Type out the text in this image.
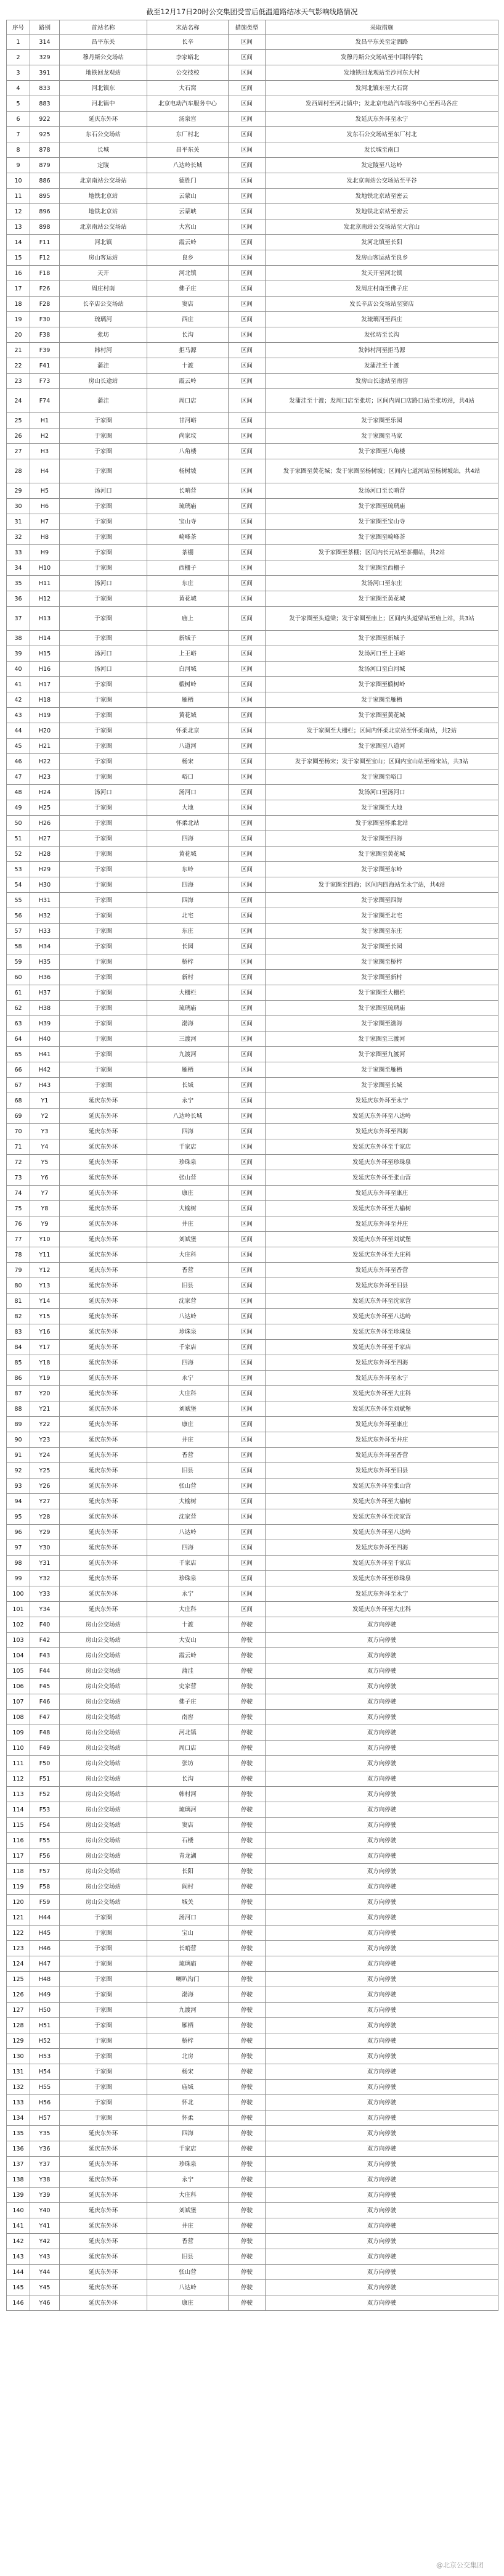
截至12月17日20时公交集团受雪后低温道路结冰天气影响线路情况
序号	路别	首站名称	末站名称	措施类型	采取措施
1	314	昌平东关	长辛	区间	发昌平东关至定泗路
2	329	穆丹斯公交场站	李家峪北	区间	发穆丹斯公交场站至中国科学院
3	391	地铁回龙观站	公交技校	区间	发地铁回龙观站至沙河东大村
4	833	河北镇东	大石窝	区间	发河北镇东至大石窝
5	883	河北镇中	北京电动汽车服务中心	区间	发西周村至河北镇中；发北京电动汽车服务中心至西马各庄
6	922	延庆东外环	汤泉宫	区间	发延庆东外环至永宁
7	925	东石公交场站	东厂村北	区间	发东石公交场站至东厂村北
8	878	长城	昌平东关	区间	发长城至南口
9	879	定陵	八达岭长城	区间	发定陵至八达岭
10	886	北京南站公交场站	德胜门	区间	发北京南站公交场站至平谷
11	895	地铁北京站	云蒙山	区间	发地铁北京站至密云
12	896	地铁北京站	云蒙峡	区间	发地铁北京站至密云
13	898	北京南站公交场站	大宫山	区间	发北京南站公交场站至大宫山
14	F11	河北镇	霞云岭	区间	发河北镇至长阳
15	F12	房山客运站	良乡	区间	发房山客运站至良乡
16	F18	天开	河北镇	区间	发天开至河北镇
17	F26	周庄村南	佛子庄	区间	发周庄村南至佛子庄
18	F28	长辛店公交场站	窦店	区间	发长辛店公交场站至窦店
19	F30	琉璃河	西庄	区间	发琉璃河至西庄
20	F38	张坊	长沟	区间	发张坊至长沟
21	F39	韩村河	拒马源	区间	发韩村河至拒马源
22	F41	蒲洼	十渡	区间	发蒲洼至十渡
23	F73	房山长途站	霞云岭	区间	发房山长途站至南窖
24	F74	蒲洼	周口店	区间	发蒲洼至十渡；发周口店至张坊；区间内周口店路口站至张坊站，共4站
25	H1	于家圈	甘河峪	区间	发于家圈至乐园
26	H2	于家圈	尚家坟	区间	发于家圈至马家
27	H3	于家圈	八角楼	区间	发于家圈至八角楼
28	H4	于家圈	杨树坡	区间	发于家圈至黄花城；发于家圈至杨树坡；区间内七道河站至杨树坡站，共4站
29	H5	汤河口	长哨营	区间	发汤河口至长哨营
30	H6	于家圈	琉璃庙	区间	发于家圈至琉璃庙
31	H7	于家圈	宝山寺	区间	发于家圈至宝山寺
32	H8	于家圈	崎峰茶	区间	发于家圈至崎峰茶
33	H9	于家圈	茶棚	区间	发于家圈至茶棚；区间内长元站至茶棚站，共2站
34	H10	于家圈	西栅子	区间	发于家圈至西栅子
35	H11	汤河口	东庄	区间	发汤河口至东庄
36	H12	于家圈	黄花城	区间	发于家圈至黄花城
37	H13	于家圈	庙上	区间	发于家圈至头道梁；发于家圈至庙上；区间内头道梁站至庙上站，共3站
38	H14	于家圈	新城子	区间	发于家圈至新城子
39	H15	汤河口	上王峪	区间	发汤河口至上王峪
40	H16	汤河口	白河城	区间	发汤河口至白河城
41	H17	于家圈	椴树岭	区间	发于家圈至椴树岭
42	H18	于家圈	雁栖	区间	发于家圈至雁栖
43	H19	于家圈	黄花城	区间	发于家圈至黄花城
44	H20	于家圈	怀柔北京	区间	发于家圈至大栅栏；区间内怀柔北京站至怀柔南站，共2站
45	H21	于家圈	八道河	区间	发于家圈至八道河
46	H22	于家圈	杨宋	区间	发于家圈至杨宋；发于家圈至宝山；区间内宝山站至杨宋站，共3站
47	H23	于家圈	峪口	区间	发于家圈至峪口
48	H24	汤河口	汤河口	区间	发汤河口至汤河口
49	H25	于家圈	大地	区间	发于家圈至大地
50	H26	于家圈	怀柔北站	区间	发于家圈至怀柔北站
51	H27	于家圈	四海	区间	发于家圈至四海
52	H28	于家圈	黄花城	区间	发于家圈至黄花城
53	H29	于家圈	东岭	区间	发于家圈至东岭
54	H30	于家圈	四海	区间	发于家圈至四海；区间内四海站至永宁站，共4站
55	H31	于家圈	四海	区间	发于家圈至四海
56	H32	于家圈	北宅	区间	发于家圈至北宅
57	H33	于家圈	东庄	区间	发于家圈至东庄
58	H34	于家圈	长园	区间	发于家圈至长园
59	H35	于家圈	桥梓	区间	发于家圈至桥梓
60	H36	于家圈	新村	区间	发于家圈至新村
61	H37	于家圈	大栅栏	区间	发于家圈至大栅栏
62	H38	于家圈	琉璃庙	区间	发于家圈至琉璃庙
63	H39	于家圈	渤海	区间	发于家圈至渤海
64	H40	于家圈	三渡河	区间	发于家圈至三渡河
65	H41	于家圈	九渡河	区间	发于家圈至九渡河
66	H42	于家圈	雁栖	区间	发于家圈至雁栖
67	H43	于家圈	长城	区间	发于家圈至长城
68	Y1	延庆东外环	永宁	区间	发延庆东外环至永宁
69	Y2	延庆东外环	八达岭长城	区间	发延庆东外环至八达岭
70	Y3	延庆东外环	四海	区间	发延庆东外环至四海
71	Y4	延庆东外环	千家店	区间	发延庆东外环至千家店
72	Y5	延庆东外环	珍珠泉	区间	发延庆东外环至珍珠泉
73	Y6	延庆东外环	张山营	区间	发延庆东外环至张山营
74	Y7	延庆东外环	康庄	区间	发延庆东外环至康庄
75	Y8	延庆东外环	大榆树	区间	发延庆东外环至大榆树
76	Y9	延庆东外环	井庄	区间	发延庆东外环至井庄
77	Y10	延庆东外环	刘斌堡	区间	发延庆东外环至刘斌堡
78	Y11	延庆东外环	大庄科	区间	发延庆东外环至大庄科
79	Y12	延庆东外环	香营	区间	发延庆东外环至香营
80	Y13	延庆东外环	旧县	区间	发延庆东外环至旧县
81	Y14	延庆东外环	沈家营	区间	发延庆东外环至沈家营
82	Y15	延庆东外环	八达岭	区间	发延庆东外环至八达岭
83	Y16	延庆东外环	珍珠泉	区间	发延庆东外环至珍珠泉
84	Y17	延庆东外环	千家店	区间	发延庆东外环至千家店
85	Y18	延庆东外环	四海	区间	发延庆东外环至四海
86	Y19	延庆东外环	永宁	区间	发延庆东外环至永宁
87	Y20	延庆东外环	大庄科	区间	发延庆东外环至大庄科
88	Y21	延庆东外环	刘斌堡	区间	发延庆东外环至刘斌堡
89	Y22	延庆东外环	康庄	区间	发延庆东外环至康庄
90	Y23	延庆东外环	井庄	区间	发延庆东外环至井庄
91	Y24	延庆东外环	香营	区间	发延庆东外环至香营
92	Y25	延庆东外环	旧县	区间	发延庆东外环至旧县
93	Y26	延庆东外环	张山营	区间	发延庆东外环至张山营
94	Y27	延庆东外环	大榆树	区间	发延庆东外环至大榆树
95	Y28	延庆东外环	沈家营	区间	发延庆东外环至沈家营
96	Y29	延庆东外环	八达岭	区间	发延庆东外环至八达岭
97	Y30	延庆东外环	四海	区间	发延庆东外环至四海
98	Y31	延庆东外环	千家店	区间	发延庆东外环至千家店
99	Y32	延庆东外环	珍珠泉	区间	发延庆东外环至珍珠泉
100	Y33	延庆东外环	永宁	区间	发延庆东外环至永宁
101	Y34	延庆东外环	大庄科	区间	发延庆东外环至大庄科
102	F40	房山公交场站	十渡	停驶	双方向停驶
103	F42	房山公交场站	大安山	停驶	双方向停驶
104	F43	房山公交场站	霞云岭	停驶	双方向停驶
105	F44	房山公交场站	蒲洼	停驶	双方向停驶
106	F45	房山公交场站	史家营	停驶	双方向停驶
107	F46	房山公交场站	佛子庄	停驶	双方向停驶
108	F47	房山公交场站	南窖	停驶	双方向停驶
109	F48	房山公交场站	河北镇	停驶	双方向停驶
110	F49	房山公交场站	周口店	停驶	双方向停驶
111	F50	房山公交场站	张坊	停驶	双方向停驶
112	F51	房山公交场站	长沟	停驶	双方向停驶
113	F52	房山公交场站	韩村河	停驶	双方向停驶
114	F53	房山公交场站	琉璃河	停驶	双方向停驶
115	F54	房山公交场站	窦店	停驶	双方向停驶
116	F55	房山公交场站	石楼	停驶	双方向停驶
117	F56	房山公交场站	青龙湖	停驶	双方向停驶
118	F57	房山公交场站	长阳	停驶	双方向停驶
119	F58	房山公交场站	阎村	停驶	双方向停驶
120	F59	房山公交场站	城关	停驶	双方向停驶
121	H44	于家圈	汤河口	停驶	双方向停驶
122	H45	于家圈	宝山	停驶	双方向停驶
123	H46	于家圈	长哨营	停驶	双方向停驶
124	H47	于家圈	琉璃庙	停驶	双方向停驶
125	H48	于家圈	喇叭沟门	停驶	双方向停驶
126	H49	于家圈	渤海	停驶	双方向停驶
127	H50	于家圈	九渡河	停驶	双方向停驶
128	H51	于家圈	雁栖	停驶	双方向停驶
129	H52	于家圈	桥梓	停驶	双方向停驶
130	H53	于家圈	北房	停驶	双方向停驶
131	H54	于家圈	杨宋	停驶	双方向停驶
132	H55	于家圈	庙城	停驶	双方向停驶
133	H56	于家圈	怀北	停驶	双方向停驶
134	H57	于家圈	怀柔	停驶	双方向停驶
135	Y35	延庆东外环	四海	停驶	双方向停驶
136	Y36	延庆东外环	千家店	停驶	双方向停驶
137	Y37	延庆东外环	珍珠泉	停驶	双方向停驶
138	Y38	延庆东外环	永宁	停驶	双方向停驶
139	Y39	延庆东外环	大庄科	停驶	双方向停驶
140	Y40	延庆东外环	刘斌堡	停驶	双方向停驶
141	Y41	延庆东外环	井庄	停驶	双方向停驶
142	Y42	延庆东外环	香营	停驶	双方向停驶
143	Y43	延庆东外环	旧县	停驶	双方向停驶
144	Y44	延庆东外环	张山营	停驶	双方向停驶
145	Y45	延庆东外环	八达岭	停驶	双方向停驶
146	Y46	延庆东外环	康庄	停驶	双方向停驶
@北京公交集团
